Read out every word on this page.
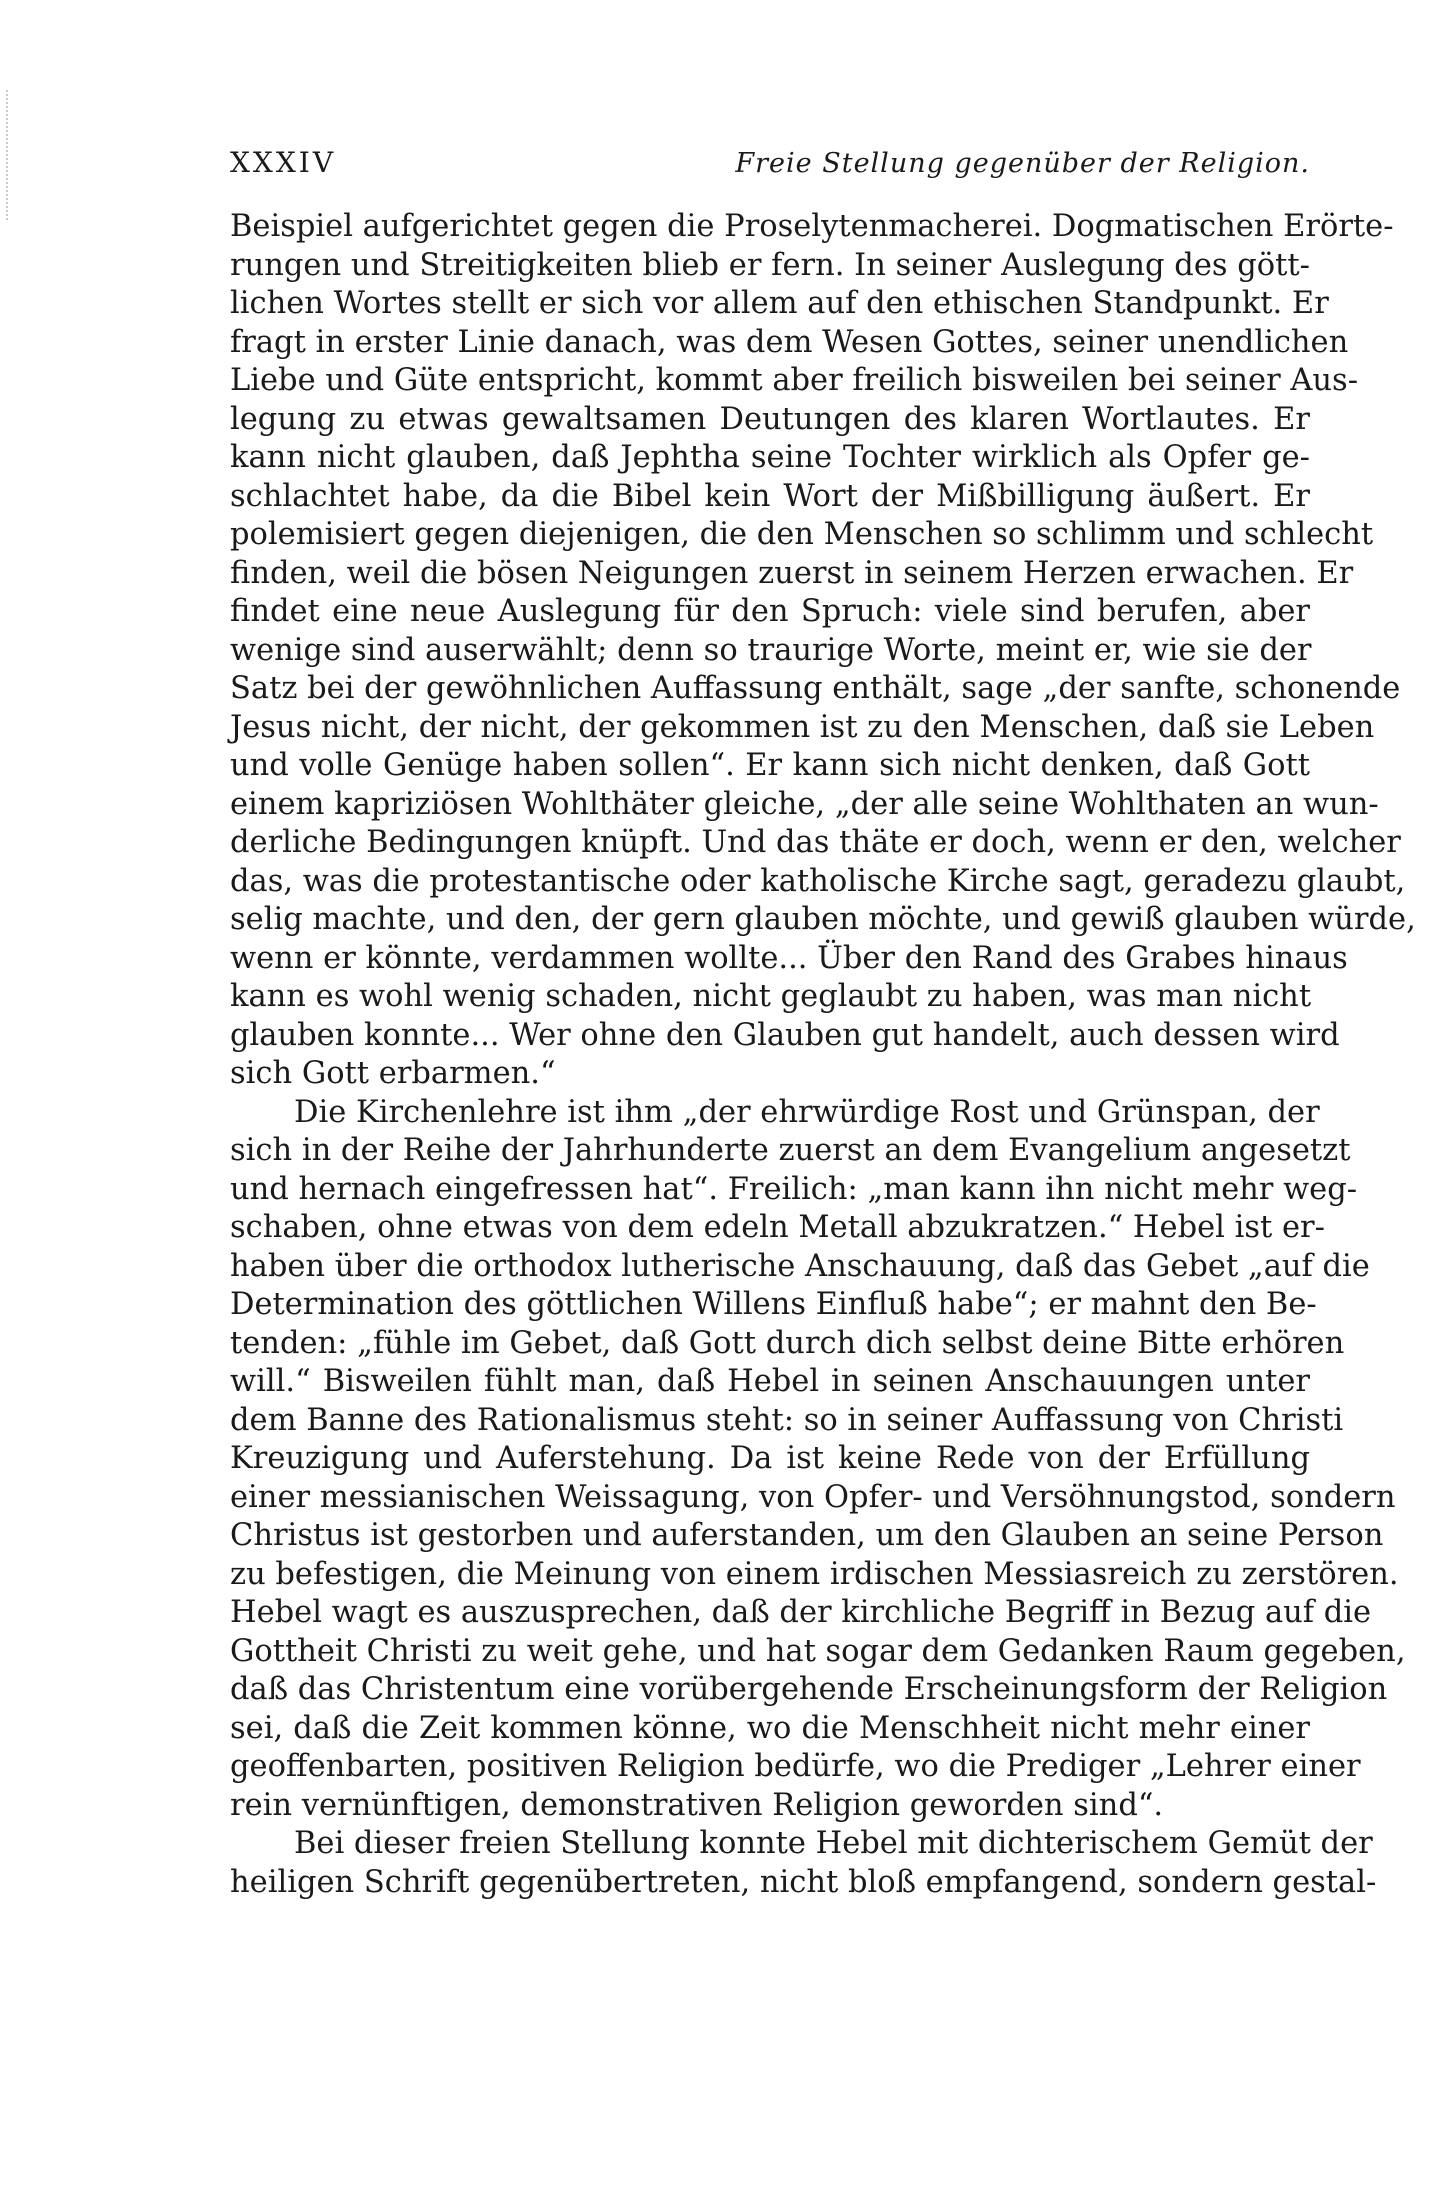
XXXIV	Freie Stellung gegenüber der Religion.
Beispiel aufgerichtet gegen die Proselytenmacherei. Dogmatischen Erörte-
rungen und Streitigkeiten blieb er fern. In seiner Auslegung des gött-
lichen Wortes stellt er sich vor allem auf den ethischen Standpunkt. Er
fragt in erster Linie danach, was dem Wesen Gottes, seiner unendlichen
Liebe und Güte entspricht, kommt aber freilich bisweilen bei seiner Aus-
legung zu etwas gewaltsamen Deutungen des klaren Wortlautes. Er
kann nicht glauben, daß Jephtha seine Tochter wirklich als Opfer ge-
schlachtet habe, da die Bibel kein Wort der Mißbilligung äußert. Er
polemisiert gegen diejenigen, die den Menschen so schlimm und schlecht
finden, weil die bösen Neigungen zuerst in seinem Herzen erwachen. Er
findet eine neue Auslegung für den Spruch: viele sind berufen, aber
wenige sind auserwählt; denn so traurige Worte, meint er, wie sie der
Satz bei der gewöhnlichen Auffassung enthält, sage „der sanfte, schonende
Jesus nicht, der nicht, der gekommen ist zu den Menschen, daß sie Leben
und volle Genüge haben sollen“. Er kann sich nicht denken, daß Gott
einem kapriziösen Wohlthäter gleiche, „der alle seine Wohlthaten an wun-
derliche Bedingungen knüpft. Und das thäte er doch, wenn er den, welcher
das, was die protestantische oder katholische Kirche sagt, geradezu glaubt,
selig machte, und den, der gern glauben möchte, und gewiß glauben würde,
wenn er könnte, verdammen wollte... Über den Rand des Grabes hinaus
kann es wohl wenig schaden, nicht geglaubt zu haben, was man nicht
glauben konnte... Wer ohne den Glauben gut handelt, auch dessen wird
sich Gott erbarmen.“
Die Kirchenlehre ist ihm „der ehrwürdige Rost und Grünspan, der
sich in der Reihe der Jahrhunderte zuerst an dem Evangelium angesetzt
und hernach eingefressen hat“. Freilich: „man kann ihn nicht mehr weg-
schaben, ohne etwas von dem edeln Metall abzukratzen.“ Hebel ist er-
haben über die orthodox lutherische Anschauung, daß das Gebet „auf die
Determination des göttlichen Willens Einfluß habe“; er mahnt den Be-
tenden: „fühle im Gebet, daß Gott durch dich selbst deine Bitte erhören
will.“ Bisweilen fühlt man, daß Hebel in seinen Anschauungen unter
dem Banne des Rationalismus steht: so in seiner Auffassung von Christi
Kreuzigung und Auferstehung. Da ist keine Rede von der Erfüllung
einer messianischen Weissagung, von Opfer- und Versöhnungstod, sondern
Christus ist gestorben und auferstanden, um den Glauben an seine Person
zu befestigen, die Meinung von einem irdischen Messiasreich zu zerstören.
Hebel wagt es auszusprechen, daß der kirchliche Begriff in Bezug auf die
Gottheit Christi zu weit gehe, und hat sogar dem Gedanken Raum gegeben,
daß das Christentum eine vorübergehende Erscheinungsform der Religion
sei, daß die Zeit kommen könne, wo die Menschheit nicht mehr einer
geoffenbarten, positiven Religion bedürfe, wo die Prediger „Lehrer einer
rein vernünftigen, demonstrativen Religion geworden sind“.
Bei dieser freien Stellung konnte Hebel mit dichterischem Gemüt der
heiligen Schrift gegenübertreten, nicht bloß empfangend, sondern gestal-
